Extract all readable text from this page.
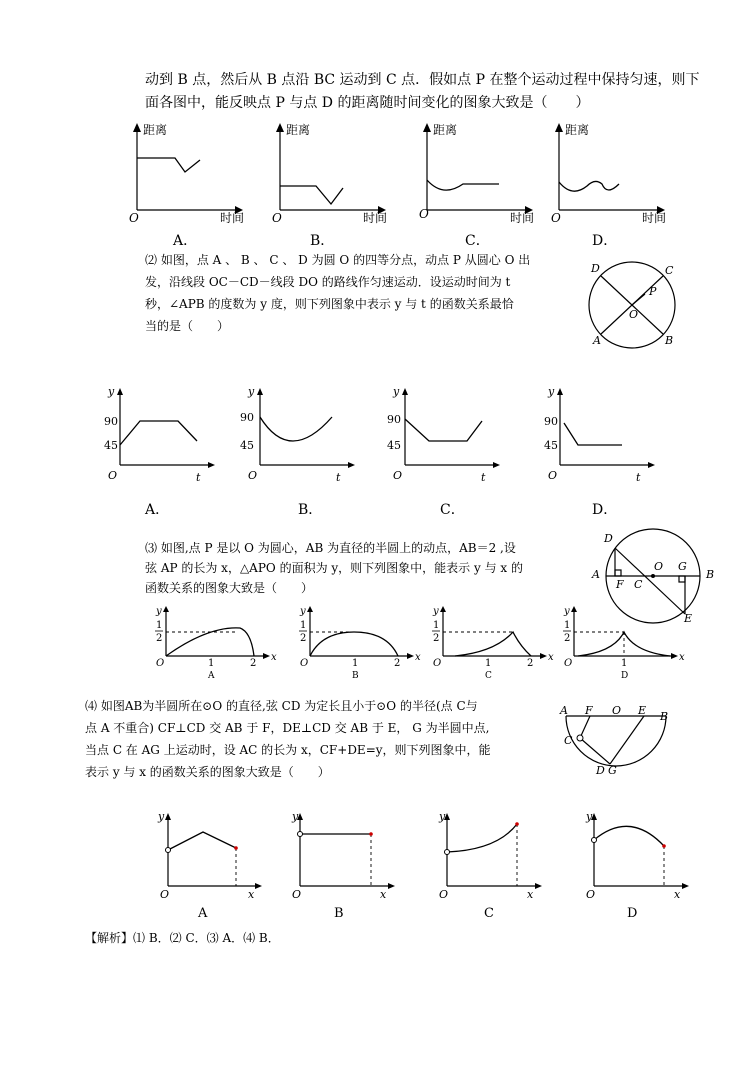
动到 B 点，然后从 B 点沿 BC 运动到 C 点．假如点 P 在整个运动过程中保持匀速，则下
面各图中，能反映点 P 与点 D 的距离随时间变化的图象大致是（　　）
距离
O	时间
距离
O	时间
距离
O	时间
距离
O	时间
A．	B．	C．	D．
⑵ 如图，点 A 、 B 、 C 、 D 为圆 O 的四等分点，动点 P 从圆心 O 出
发，沿线段 OC－CD－线段 DO 的路线作匀速运动．设运动时间为 t
秒，∠APB 的度数为 y 度，则下列图象中表示 y 与 t 的函数关系最恰
当的是（　　）
D	C
P
O
A	B
y
90
45
O	t
y
90
45
O	t
y
90
45
O	t
y
90
45
O	t
A．	B．	C．	D．
⑶ 如图,点 P 是以 O 为圆心，AB 为直径的半圆上的动点，AB＝2 ,设
弦 AP 的长为 x，△APO 的面积为 y，则下列图象中，能表示 y 与 x 的
函数关系的图象大致是（　　）
D
O G
A
F C
B
E
y
1
2
O	1	2
x
A
y
1
2
O	1	2
x
B
y
1
2
O	1	2
x
C
y
1
2
O	1
x
D
⑷ 如图AB为半圆所在⊙O 的直径,弦 CD 为定长且小于⊙O 的半径(点 C与
点 A 不重合) CF⊥CD 交 AB 于 F，DE⊥CD 交 AB 于 E， G 为半圆中点,
当点 C 在 AG 上运动时，设 AC 的长为 x，CF+DE=y，则下列图象中，能
表示 y 与 x 的函数关系的图象大致是（　　）
A F O E B
C
D G
y
O	x
y
O	x
y
O	x
y
O	x
A	B	C	D
【解析】⑴ B．⑵ C．⑶ A．⑷ B．
